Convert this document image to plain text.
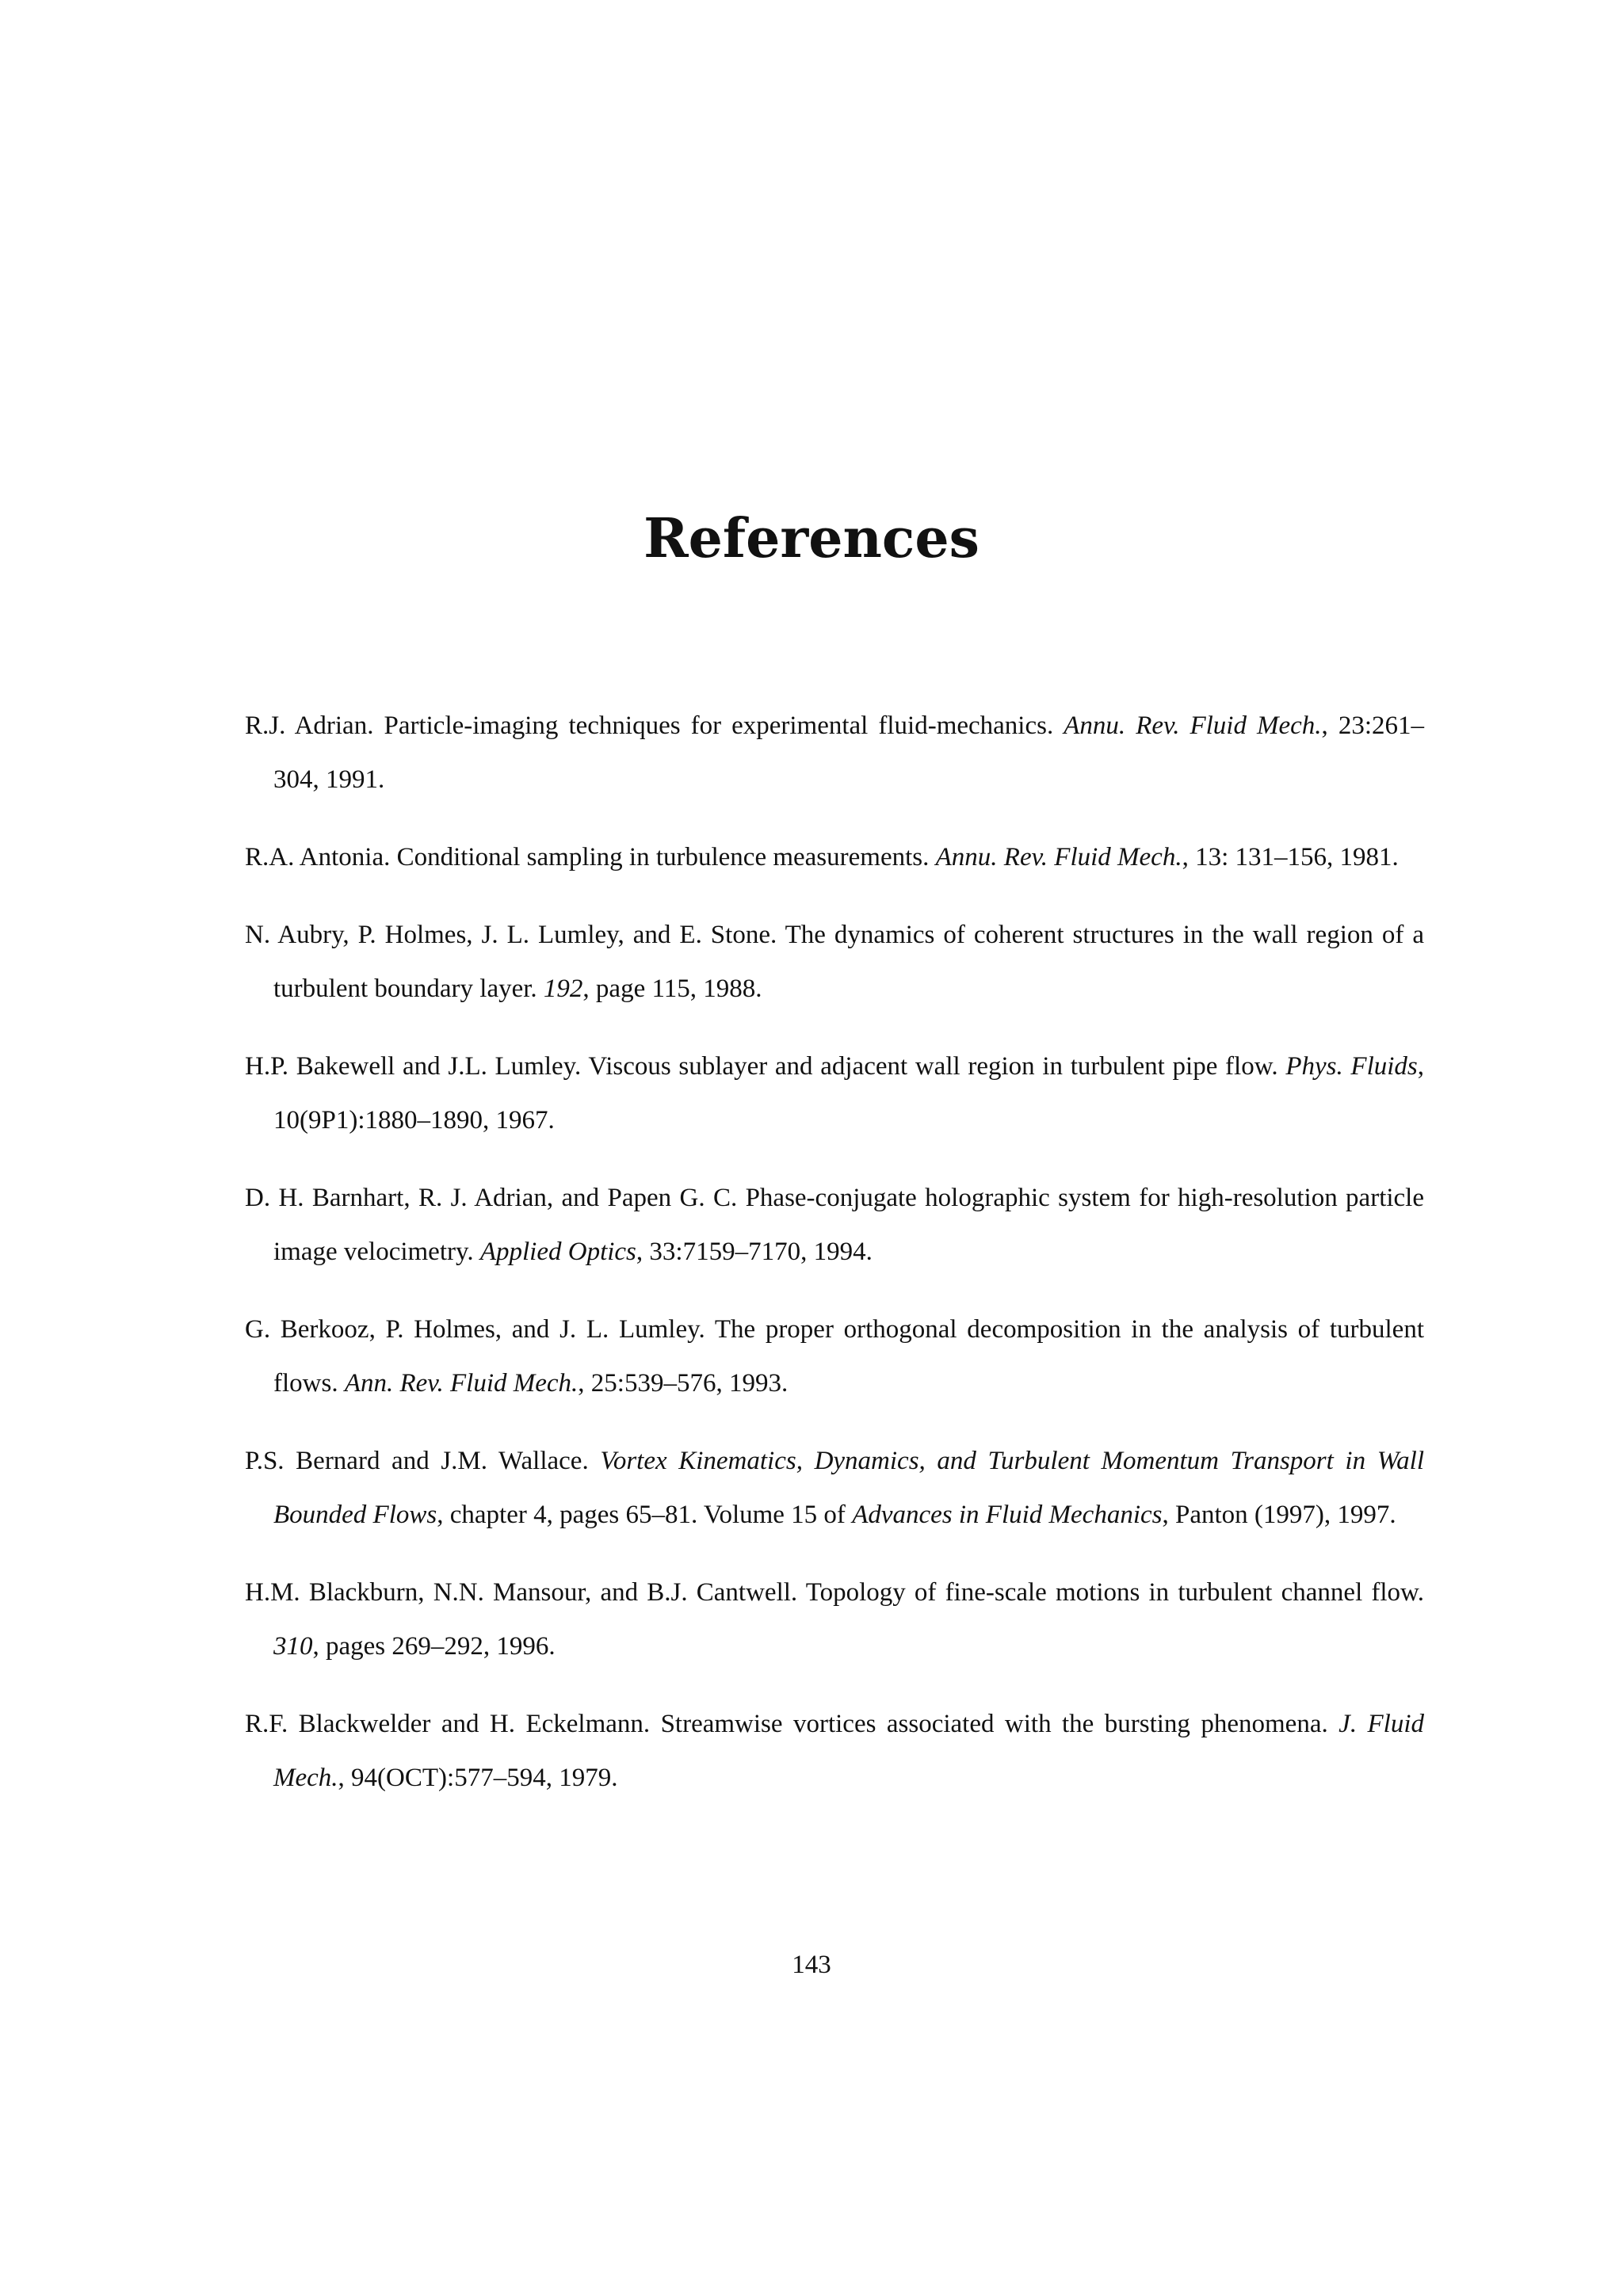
References
R.J. Adrian. Particle-imaging techniques for experimental fluid-mechanics. Annu. Rev. Fluid Mech., 23:261–304, 1991.
R.A. Antonia. Conditional sampling in turbulence measurements. Annu. Rev. Fluid Mech., 13: 131–156, 1981.
N. Aubry, P. Holmes, J. L. Lumley, and E. Stone. The dynamics of coherent structures in the wall region of a turbulent boundary layer. 192, page 115, 1988.
H.P. Bakewell and J.L. Lumley. Viscous sublayer and adjacent wall region in turbulent pipe flow. Phys. Fluids, 10(9P1):1880–1890, 1967.
D. H. Barnhart, R. J. Adrian, and Papen G. C. Phase-conjugate holographic system for high-resolution particle image velocimetry. Applied Optics, 33:7159–7170, 1994.
G. Berkooz, P. Holmes, and J. L. Lumley. The proper orthogonal decomposition in the analysis of turbulent flows. Ann. Rev. Fluid Mech., 25:539–576, 1993.
P.S. Bernard and J.M. Wallace. Vortex Kinematics, Dynamics, and Turbulent Momentum Transport in Wall Bounded Flows, chapter 4, pages 65–81. Volume 15 of Advances in Fluid Mechanics, Panton (1997), 1997.
H.M. Blackburn, N.N. Mansour, and B.J. Cantwell. Topology of fine-scale motions in turbulent channel flow. 310, pages 269–292, 1996.
R.F. Blackwelder and H. Eckelmann. Streamwise vortices associated with the bursting phenomena. J. Fluid Mech., 94(OCT):577–594, 1979.
143
